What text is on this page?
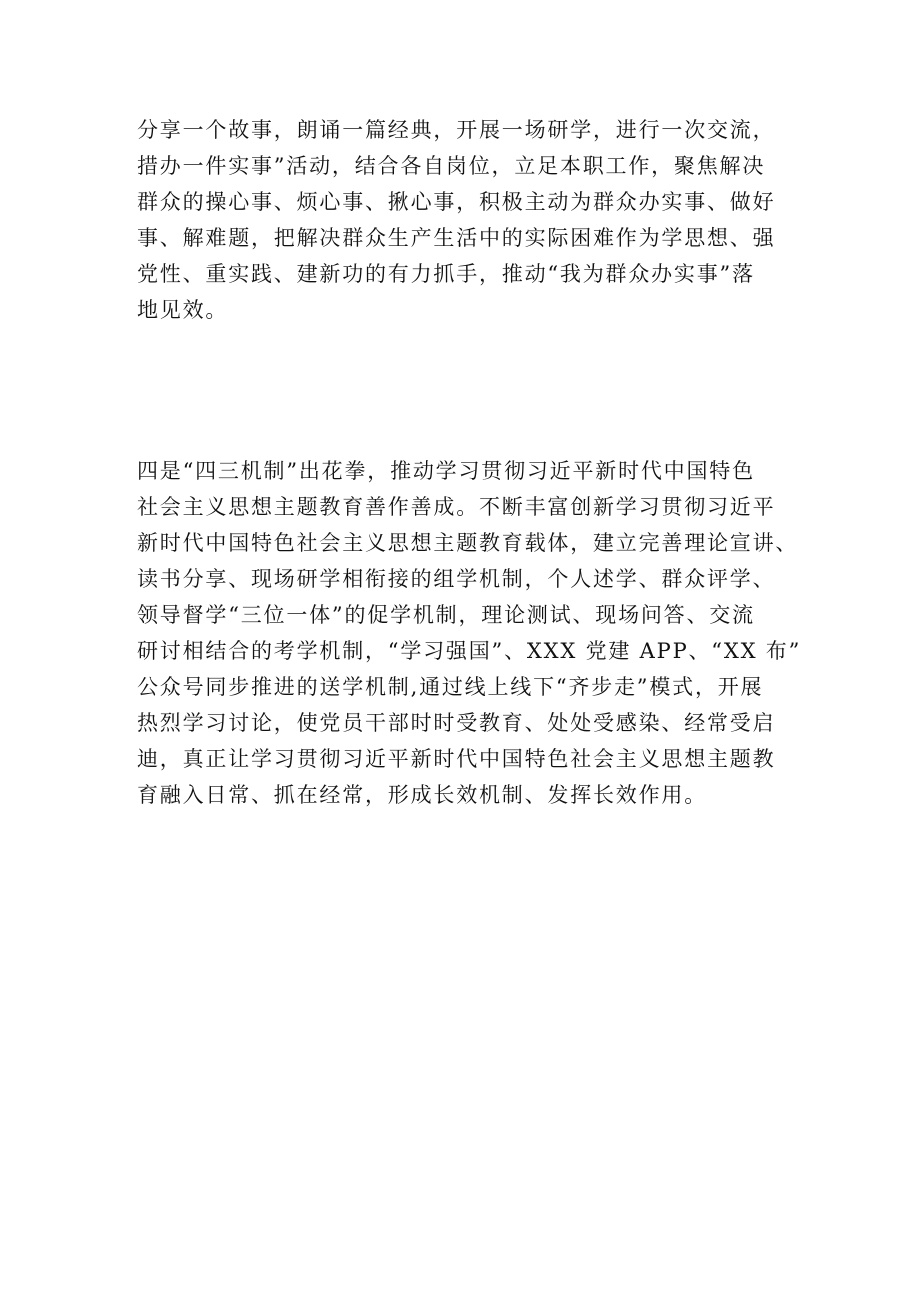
分享一个故事，朗诵一篇经典，开展一场研学，进行一次交流，
措办一件实事”活动，结合各自岗位，立足本职工作，聚焦解决
群众的操心事、烦心事、揪心事，积极主动为群众办实事、做好
事、解难题，把解决群众生产生活中的实际困难作为学思想、强
党性、重实践、建新功的有力抓手，推动“我为群众办实事”落
地见效。
四是“四三机制”出花拳，推动学习贯彻习近平新时代中国特色
社会主义思想主题教育善作善成。不断丰富创新学习贯彻习近平
新时代中国特色社会主义思想主题教育载体，建立完善理论宣讲、
读书分享、现场研学相衔接的组学机制，个人述学、群众评学、
领导督学“三位一体”的促学机制，理论测试、现场问答、交流
研讨相结合的考学机制，“学习强国”、XXX 党建 APP、“XX 布”
公众号同步推进的送学机制,通过线上线下“齐步走”模式，开展
热烈学习讨论，使党员干部时时受教育、处处受感染、经常受启
迪，真正让学习贯彻习近平新时代中国特色社会主义思想主题教
育融入日常、抓在经常，形成长效机制、发挥长效作用。
